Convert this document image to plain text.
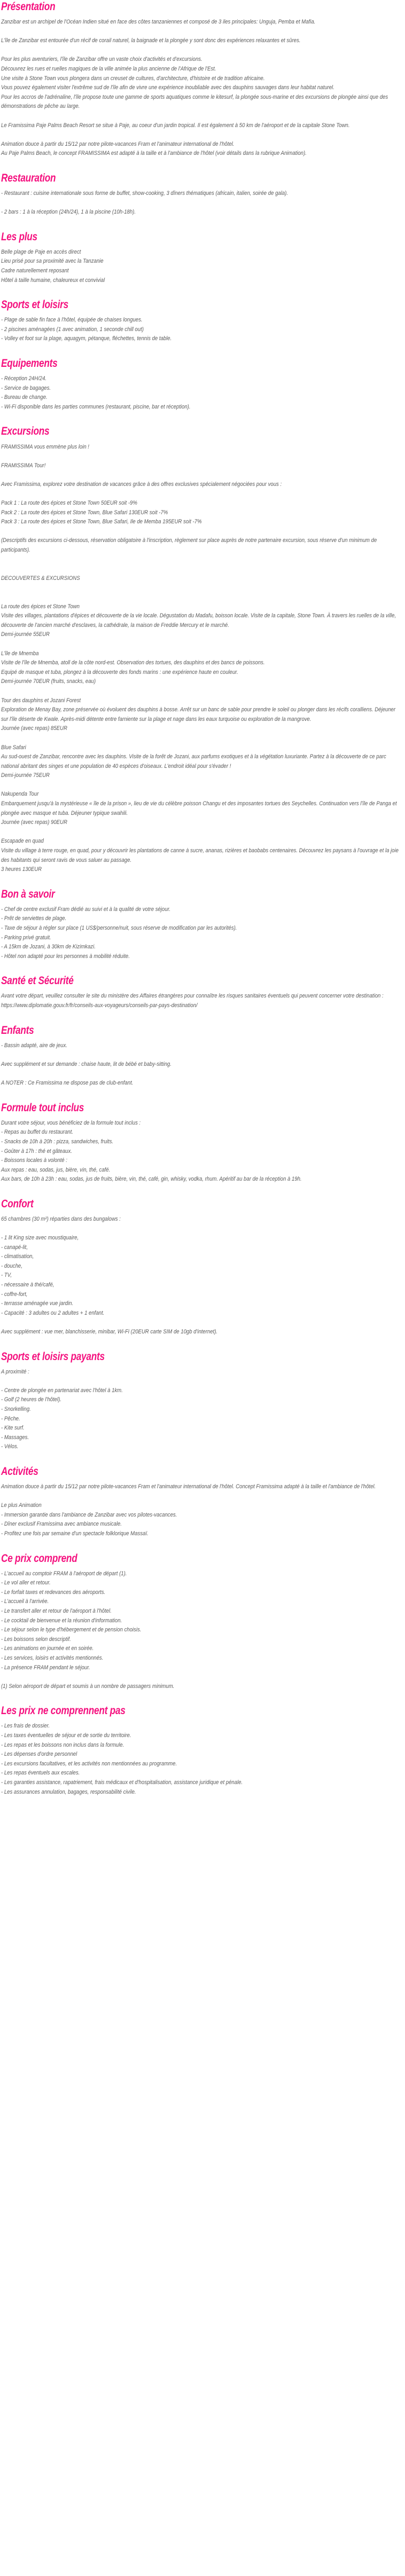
Présentation

Zanzibar est un archipel de l'Océan Indien situé en face des côtes tanzaniennes et composé de 3 iles principales: Unguja, Pemba et Mafia.

L'île de Zanzibar est entourée d'un récif de corail naturel, la baignade et la plongée y sont donc des expériences relaxantes et sûres.

Pour les plus aventuriers, l'île de Zanzibar offre un vaste choix d'activités et d'excursions.

Découvrez les rues et ruelles magiques de la ville animée la plus ancienne de l'Afrique de l'Est.

Une visite à Stone Town vous plongera dans un creuset de cultures, d'architecture, d'histoire et de tradition africaine.

Vous pouvez également visiter l'extrême sud de l'île afin de vivre une expérience inoubliable avec des dauphins sauvages dans leur habitat naturel.

Pour les accros de l'adrénaline, l'île propose toute une gamme de sports aquatiques comme le kitesurf, la plongée sous-marine et des excursions de plongée ainsi que des démonstrations de pêche au large.

Le Framissima Paje Palms Beach Resort se situe à Paje, au coeur d'un jardin tropical. Il est également à 50 km de l'aéroport et de la capitale Stone Town.

Animation douce à partir du 15/12 par notre pilote-vacances Fram et l'animateur international de l'hôtel.

Au Paje Palms Beach, le concept FRAMISSIMA est adapté à la taille et à l'ambiance de l'hôtel (voir détails dans la rubrique Animation).

Restauration

- Restaurant : cuisine internationale sous forme de buffet, show-cooking, 3 dîners thématiques (africain, italien, soirée de gala).

- 2 bars : 1 à la réception (24h/24), 1 à la piscine (10h-18h).

Les plus

Belle plage de Paje en accès direct

Lieu prisé pour sa proximité avec la Tanzanie

Cadre naturellement reposant

Hôtel à taille humaine, chaleureux et convivial

Sports et loisirs

- Plage de sable fin face à l'hôtel, équipée de chaises longues.

- 2 piscines aménagées (1 avec animation, 1 seconde chill out)

- Volley et foot sur la plage, aquagym, pétanque, fléchettes, tennis de table.

Equipements

- Réception 24H/24.

- Service de bagages.

- Bureau de change.

- Wi-Fi disponible dans les parties communes (restaurant, piscine, bar et réception).

Excursions

FRAMISSIMA vous emmène plus loin !

FRAMISSIMA Tour!

Avec Framissima, explorez votre destination de vacances grâce à des offres exclusives spécialement négociées pour vous :

Pack 1 : La route des épices et Stone Town 50EUR soit -9%

Pack 2 : La route des épices et Stone Town, Blue Safari 130EUR soit -7%

Pack 3 : La route des épices et Stone Town, Blue Safari, Ile de Memba 195EUR soit -7%

(Descriptifs des excursions ci-dessous, réservation obligatoire à l'inscription, règlement sur place auprès de notre partenaire excursion, sous réserve d'un minimum de participants).

DECOUVERTES & EXCURSIONS

La route des épices et Stone Town

Visite des villages, plantations d'épices et découverte de la vie locale. Dégustation du Madafu, boisson locale. Visite de la capitale, Stone Town. À travers les ruelles de la ville, découverte de l'ancien marché d'esclaves, la cathédrale, la maison de Freddie Mercury et le marché.

Demi-journée 55EUR

L'île de Mnemba

Visite de l'île de Mnemba, atoll de la côte nord-est. Observation des tortues, des dauphins et des bancs de poissons.

Equipé de masque et tuba, plongez à la découverte des fonds marins : une expérience haute en couleur.

Demi-journée 70EUR (fruits, snacks, eau)

Tour des dauphins et Jozani Forest

Exploration de Menay Bay, zone préservée où évoluent des dauphins à bosse. Arrêt sur un banc de sable pour prendre le soleil ou plonger dans les récifs coralliens. Déjeuner sur l'île déserte de Kwale. Après-midi détente entre farniente sur la plage et nage dans les eaux turquoise ou exploration de la mangrove.

Journée (avec repas) 85EUR

Blue Safari

Au sud-ouest de Zanzibar, rencontre avec les dauphins. Visite de la forêt de Jozani, aux parfums exotiques et à la végétation luxuriante. Partez à la découverte de ce parc national abritant des singes et une population de 40 espèces d'oiseaux. L'endroit idéal pour s'évader !

Demi-journée 75EUR

Nakupenda Tour

Embarquement jusqu'à la mystérieuse « île de la prison », lieu de vie du célèbre poisson Changu et des imposantes tortues des Seychelles. Continuation vers l'île de Panga et plongée avec masque et tuba. Déjeuner typique swahili.

Journée (avec repas) 90EUR

Escapade en quad

Visite du village à terre rouge, en quad, pour y découvrir les plantations de canne à sucre, ananas, rizières et baobabs centenaires. Découvrez les paysans à l'ouvrage et la joie des habitants qui seront ravis de vous saluer au passage.

3 heures 130EUR

Bon à savoir

- Chef de centre exclusif Fram dédié au suivi et à la qualité de votre séjour.

- Prêt de serviettes de plage.

- Taxe de séjour à régler sur place (1 US$/personne/nuit, sous réserve de modification par les autorités).

- Parking privé gratuit.

- A 15km de Jozani, à 30km de Kizimkazi.

- Hôtel non adapté pour les personnes à mobilité réduite.

Santé et Sécurité

Avant votre départ, veuillez consulter le site du ministère des Affaires étrangères pour connaître les risques sanitaires éventuels qui peuvent concerner votre destination : https://www.diplomatie.gouv.fr/fr/conseils-aux-voyageurs/conseils-par-pays-destination/

Enfants

- Bassin adapté, aire de jeux.

Avec supplément et sur demande : chaise haute, lit de bébé et baby-sitting.

A NOTER : Ce Framissima ne dispose pas de club-enfant.

Formule tout inclus

Durant votre séjour, vous bénéficiez de la formule tout inclus :

- Repas au buffet du restaurant.

- Snacks de 10h à 20h : pizza, sandwiches, fruits.

- Goûter à 17h : thé et gâteaux.

- Boissons locales à volonté :

Aux repas : eau, sodas, jus, bière, vin, thé, café.

Aux bars, de 10h à 23h : eau, sodas, jus de fruits, bière, vin, thé, café, gin, whisky, vodka, rhum. Apéritif au bar de la réception à 19h.

Confort

65 chambres (30 m²) réparties dans des bungalows :

- 1 lit King size avec moustiquaire,

- canapé-lit,

- climatisation,

- douche,

- TV,

- nécessaire à thé/café,

- coffre-fort,

- terrasse aménagée vue jardin.

- Capacité : 3 adultes ou 2 adultes + 1 enfant.

Avec supplément : vue mer, blanchisserie, minibar, Wi-Fi (20EUR carte SIM de 10gb d'internet).

Sports et loisirs payants

A proximité :

- Centre de plongée en partenariat avec l'hôtel à 1km.

- Golf (2 heures de l'hôtel).

- Snorkelling.

- Pêche.

- Kite surf.

- Massages.

- Vélos.

Activités

Animation douce à partir du 15/12 par notre pilote-vacances Fram et l'animateur international de l'hôtel. Concept Framissima adapté à la taille et l'ambiance de l'hôtel.

Le plus Animation

- Immersion garantie dans l'ambiance de Zanzibar avec vos pilotes-vacances.

- Dîner exclusif Framissima avec ambiance musicale.

- Profitez une fois par semaine d'un spectacle folklorique Massaï.

Ce prix comprend

- L'accueil au comptoir FRAM à l'aéroport de départ (1).

- Le vol aller et retour.

- Le forfait taxes et redevances des aéroports.

- L'accueil à l'arrivée.

- Le transfert aller et retour de l'aéroport à l'hôtel.

- Le cocktail de bienvenue et la réunion d'information.

- Le séjour selon le type d'hébergement et de pension choisis.

- Les boissons selon descriptif.

- Les animations en journée et en soirée.

- Les services, loisirs et activités mentionnés.

- La présence FRAM pendant le séjour.

(1) Selon aéroport de départ et soumis à un nombre de passagers minimum.

Les prix ne comprennent pas

- Les frais de dossier.

- Les taxes éventuelles de séjour et de sortie du territoire.

- Les repas et les boissons non inclus dans la formule.

- Les dépenses d'ordre personnel

- Les excursions facultatives, et les activités non mentionnées au programme.

- Les repas éventuels aux escales.

- Les garanties assistance, rapatriement, frais médicaux et d'hospitalisation, assistance juridique et pénale.

- Les assurances annulation, bagages, responsabilité civile.
